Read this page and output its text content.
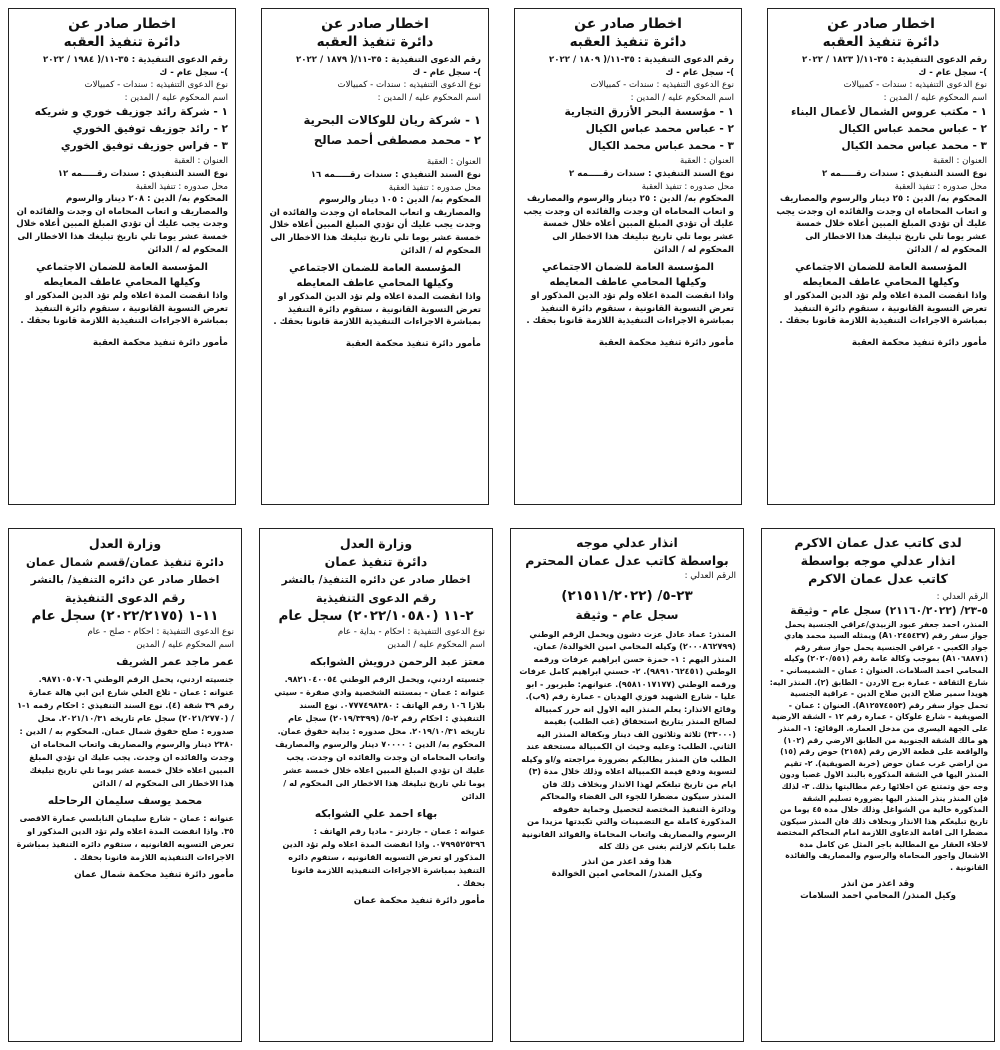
اخطار صادر عن
دائرة تنفيذ العقبه
رقم الدعوى التنفيذية : ٣٥-١١/( ١٨٢٣ / ٢٠٢٢
)- سجل عام - ك
نوع الدعوى التنفيذيه : سندات - كمبيالات
اسم المحكوم عليه / المدين :
١ - مكتب عروس الشمال لأعمال البناء
٢ - عباس محمد عباس الكيال
٣ - محمد عباس محمد الكيال
العنوان : العقبة
نوع السند التنفيذي : سندات رقـــــمه ٢
محل صدوره : تنفيذ العقبة
المحكوم به/ الدين : ٢٥ دينار والرسوم والمصاريف و اتعاب المحاماه ان وجدت والفائده ان وجدت يجب عليك أن تؤدي المبلغ المبين أعلاه خلال خمسة عشر يوما تلي تاريخ تبليغك هذا الاخطار الى المحكوم له / الدائن
المؤسسة العامة للضمان الاجتماعي
وكيلها المحامي عاطف المعايطه
واذا انقضت المدة اعلاه ولم تؤد الدين المذكور او تعرض التسوية القانونية ، ستقوم دائرة التنفيذ بمباشرة الاجراءات التنفيذية اللازمة قانونا بحقك .
مأمور دائرة تنفيذ محكمة العقبة
اخطار صادر عن
دائرة تنفيذ العقبه
رقم الدعوى التنفيذية : ٣٥-١١/( ١٨٠٩ / ٢٠٢٢
)- سجل عام - ك
نوع الدعوى التنفيذيه : سندات - كمبيالات
اسم المحكوم عليه / المدين :
١ - مؤسسة البحر الأزرق التجارية
٢ - عباس محمد عباس الكيال
٣ - محمد عباس محمد الكيال
العنوان : العقبة
نوع السند التنفيذي : سندات رقـــــمه ٢
محل صدوره : تنفيذ العقبة
المحكوم به/ الدين : ٢٥ دينار والرسوم والمصاريف و اتعاب المحاماه ان وجدت والفائده ان وجدت يجب عليك أن تؤدي المبلغ المبين أعلاه خلال خمسة عشر يوما تلي تاريخ تبليغك هذا الاخطار الى المحكوم له / الدائن
المؤسسة العامة للضمان الاجتماعي
وكيلها المحامي عاطف المعايطه
واذا انقضت المدة اعلاه ولم تؤد الدين المذكور او تعرض التسوية القانونية ، ستقوم دائرة التنفيذ بمباشرة الاجراءات التنفيذية اللازمة قانونا بحقك .
مأمور دائرة تنفيذ محكمة العقبة
اخطار صادر عن
دائرة تنفيذ العقبه
رقم الدعوى التنفيذية : ٣٥-١١/( ١٨٧٩ / ٢٠٢٢
)- سجل عام - ك
نوع الدعوى التنفيذيه : سندات - كمبيالات
اسم المحكوم عليه / المدين :
١ - شركة ريان للوكالات البحرية
٢ - محمد مصطفى أحمد صالح
العنوان : العقبة
نوع السند التنفيذي : سندات رقـــــمه ١٦
محل صدوره : تنفيذ العقبة
المحكوم به/ الدين : ١٠٥ دينار والرسوم والمصاريف و اتعاب المحاماه ان وجدت والفائده ان وجدت يجب عليك أن تؤدي المبلغ المبين أعلاه خلال خمسة عشر يوما تلي تاريخ تبليغك هذا الاخطار الى المحكوم له / الدائن
المؤسسة العامة للضمان الاجتماعي
وكيلها المحامي عاطف المعايطه
واذا انقضت المدة اعلاه ولم تؤد الدين المذكور او تعرض التسوية القانونية ، ستقوم دائرة التنفيذ بمباشرة الاجراءات التنفيذية اللازمة قانونا بحقك .
مأمور دائرة تنفيذ محكمة العقبة
اخطار صادر عن
دائرة تنفيذ العقبه
رقم الدعوى التنفيذية : ٣٥-١١/( ١٩٨٤ / ٢٠٢٢
)- سجل عام - ك
نوع الدعوى التنفيذيه : سندات - كمبيالات
اسم المحكوم عليه / المدين :
١ - شركة رائد جوزيف خوري و شريكه
٢ - رائد جوزيف توفيق الخوري
٣ - فراس جوزيف توفيق الخوري
العنوان : العقبة
نوع السند التنفيذي : سندات رقـــــمه ١٢
محل صدوره : تنفيذ العقبة
المحكوم به/ الدين : ٢٠٨ دينار والرسوم والمصاريف و اتعاب المحاماه ان وجدت والفائده ان وجدت يجب عليك أن تؤدي المبلغ المبين أعلاه خلال خمسة عشر يوما تلي تاريخ تبليغك هذا الاخطار الى المحكوم له / الدائن
المؤسسة العامة للضمان الاجتماعي
وكيلها المحامي عاطف المعايطه
واذا انقضت المدة اعلاه ولم تؤد الدين المذكور او تعرض التسوية القانونية ، ستقوم دائرة التنفيذ بمباشرة الاجراءات التنفيذية اللازمة قانونا بحقك .
مأمور دائرة تنفيذ محكمة العقبة
لدى كاتب عدل عمان الاكرم
انذار عدلي موجه بواسطة
كاتب عدل عمان الاكرم
الرقم العدلي :
٥-٢٣/ (٢١١٦٠/٢٠٢٢) سجل عام - وثيقة
المنذر، احمد جعفر عبود الزبيدي/عراقي الجنسية يحمل جواز سفر رقم (A١٠٢٤٥٤٣٧) ويمثله السيد محمد هادي جواد الكعبي - عراقي الجنسية يحمل جواز سفر رقم (A١٠٦٨٨٧١) بموجب وكالة عامة رقم (٢٠٢٠/٥٥١) وكيله المحامي احمد السلامات. العنوان : عمان - الشميساني - شارع الثقافة - عمارة برج الاردن - الطابق (٢). المنذر اليه: هويدا سمير صلاح الدين صلاح الدين - عراقية الجنسية تحمل جواز سفر رقم (A١٢٥٧٤٥٥٣). العنوان : عمان - الصويفية - شارع علوكان - عمارة رقم ١٢ - الشقة الارضية على الجهة اليسرى من مدخل العمارة. الوقائع: ١- المنذر هو مالك الشقة الجنوبية من الطابق الارضي رقم (١٠٢) والواقعة على قطعة الارض رقم (٢١٥٨) حوض رقم (١٥) من اراضي غرب عمان حوض (خربة الصويفية). ٢- تقيم المنذر اليها في الشقة المذكورة بالبند الاول غصبا ودون وجه حق وتمتنع عن اخلائها رغم مطالبتها بذلك. ٣- لذلك فإن المنذر ينذر المنذر اليها بضرورة تسليم الشقة المذكورة خالية من الشواغل وذلك خلال مدة ٤٥ يوما من تاريخ تبليغكم هذا الانذار وبخلاف ذلك فان المنذر سيكون مضطرا الى اقامة الدعاوى اللازمة امام المحاكم المختصة لاخلاء العقار مع المطالبة باجر المثل عن كامل مدة الاشغال واجور المحاماة والرسوم والمصاريف والفائدة القانونية .
وقد اعذر من انذر
وكيل المنذر/ المحامي احمد السلامات
انذار عدلي موجه
بواسطة كاتب عدل عمان المحترم
الرقم العدلي :
٢٣-٥/ (٢١٥١١/٢٠٢٢)
سجل عام - وثيقة
المنذر: عماد عادل عزت دشون ويحمل الرقم الوطني (٢٠٠٠٨٦٢٧٩٩) وكيله المحامي امين الخوالدة/ عمان. المنذر اليهم : ١- حمزة حسن ابراهيم عرفات ورقمه الوطني (٩٨٩١٠٦٢٤٥١). ٢- حسني ابراهيم كامل عرفات ورقمه الوطني (٩٥٨١٠١٧١٧٧). عنوانهم: طبربور - ابو عليا - شارع الشهيد فوزي الهدبان - عمارة رقم (٩ب). وقائع الانذار: يعلم المنذر اليه الاول انه حرر كمبيالة لصالح المنذر بتاريخ استحقاق (غب الطلب) بقيمة (٣٣٠٠٠) ثلاثة وثلاثون الف دينار وبكفالة المنذر اليه الثاني. الطلب: وعليه وحيث ان الكمبيالة مستحقة عند الطلب فان المنذر يطالبكم بضرورة مراجعته و/او وكيله لتسوية ودفع قيمة الكمبيالة اعلاه وذلك خلال مدة (٣) ايام من تاريخ تبلغكم لهذا الانذار وبخلاف ذلك فان المنذر سيكون مضطرا للجوء الى القضاء والمحاكم ودائرة التنفيذ المختصة لتحصيل وحماية حقوقه المذكورة كاملة مع التضمينات والتي تكبدتها مزيدا من الرسوم والمصاريف واتعاب المحاماة والفوائد القانونية علما بانكم لازلتم بغنى عن ذلك كله
هذا وقد اعذر من انذر
وكيل المنذر/ المحامي امين الخوالدة
وزارة العدل
دائرة تنفيذ عمان
اخطار صادر عن دائره التنفيذ/ بالنشر
رقم الدعوى التنفيذية
٢-١١ (٢٠٢٢/١٠٥٨٠) سجل عام
نوع الدعوى التنفيذية : احكام - بداية - عام
اسم المحكوم عليه / المدين
معتز عبد الرحمن درويش الشوابكه
جنسيته اردني، ويحمل الرقم الوطني ٩٨٢١٠٤٠٠٥٤. عنوانه : عمان - بمستنه الشخصية وادي صقرة - سيتي بلازا ١٠٦ رقم الهاتف : ٠٧٧٧٤٩٨٣٨٠. نوع السند التنفيذي : احكام رقم ٢-٥/ (٢٠١٩/٣٣٩٩) سجل عام تاريخه ٢٠١٩/١٠/٣١. محل صدوره : بداية حقوق عمان. المحكوم به/ الدين : ٧٠٠٠٠ دينار والرسوم والمصاريف واتعاب المحاماه ان وجدت والفائده ان وجدت. يجب عليك ان تؤدي المبلغ المبين اعلاه خلال خمسة عشر يوما تلي تاريخ تبليغك هذا الاخطار الى المحكوم له / الدائن
بهاء احمد علي الشوابكه
عنوانه : عمان - جاردنز - ماديا رقم الهاتف : ٠٧٩٩٥٢٥٣٩٦. واذا انقضت المدة اعلاه ولم تؤد الدين المذكور او تعرض التسويه القانونيه ، ستقوم دائره التنفيذ بمباشرة الاجراءات التنفيذيه اللازمة قانونا بحقك .
مأمور دائرة تنفيذ محكمة عمان
وزارة العدل
دائرة تنفيذ عمان/قسم شمال عمان
اخطار صادر عن دائره التنفيذ/ بالنشر
رقم الدعوى التنفيذية
١١-١ (٢٠٢٢/٢١٧٥) سجل عام
نوع الدعوى التنفيذية : احكام - صلح - عام
اسم المحكوم عليه / المدين
عمر ماجد عمر الشريف
جنسيته اردني، يحمل الرقم الوطني ٩٨٧١٠٥٠٧٠٦. عنوانه : عمان - تلاع العلي شارع ابن ابي هالة عمارة رقم ٣٩ شقة (٤). نوع السند التنفيذي : احكام رقمه ١-١ / (٢٠٢١/٢٧٧٠) سجل عام تاريخه ٢٠٢١/١٠/٣١. محل صدوره : صلح حقوق شمال عمان. المحكوم به / الدين : ٢٣٨٠ دينار والرسوم والمصاريف واتعاب المحاماه ان وجدت والفائده ان وجدت. يجب عليك ان تؤدي المبلغ المبين اعلاه خلال خمسة عشر يوما تلي تاريخ تبليغك هذا الاخطار الى المحكوم له / الدائن
محمد يوسف سليمان الرحاحله
عنوانه : عمان - شارع سليمان النابلسي عمارة الاقصى ٣٥. واذا انقضت المدة اعلاه ولم تؤد الدين المذكور او تعرض التسويه القانونيه ، ستقوم دائره التنفيذ بمباشرة الاجراءات التنفيذيه اللازمة قانونا بحقك .
مأمور دائرة تنفيذ محكمة شمال عمان
